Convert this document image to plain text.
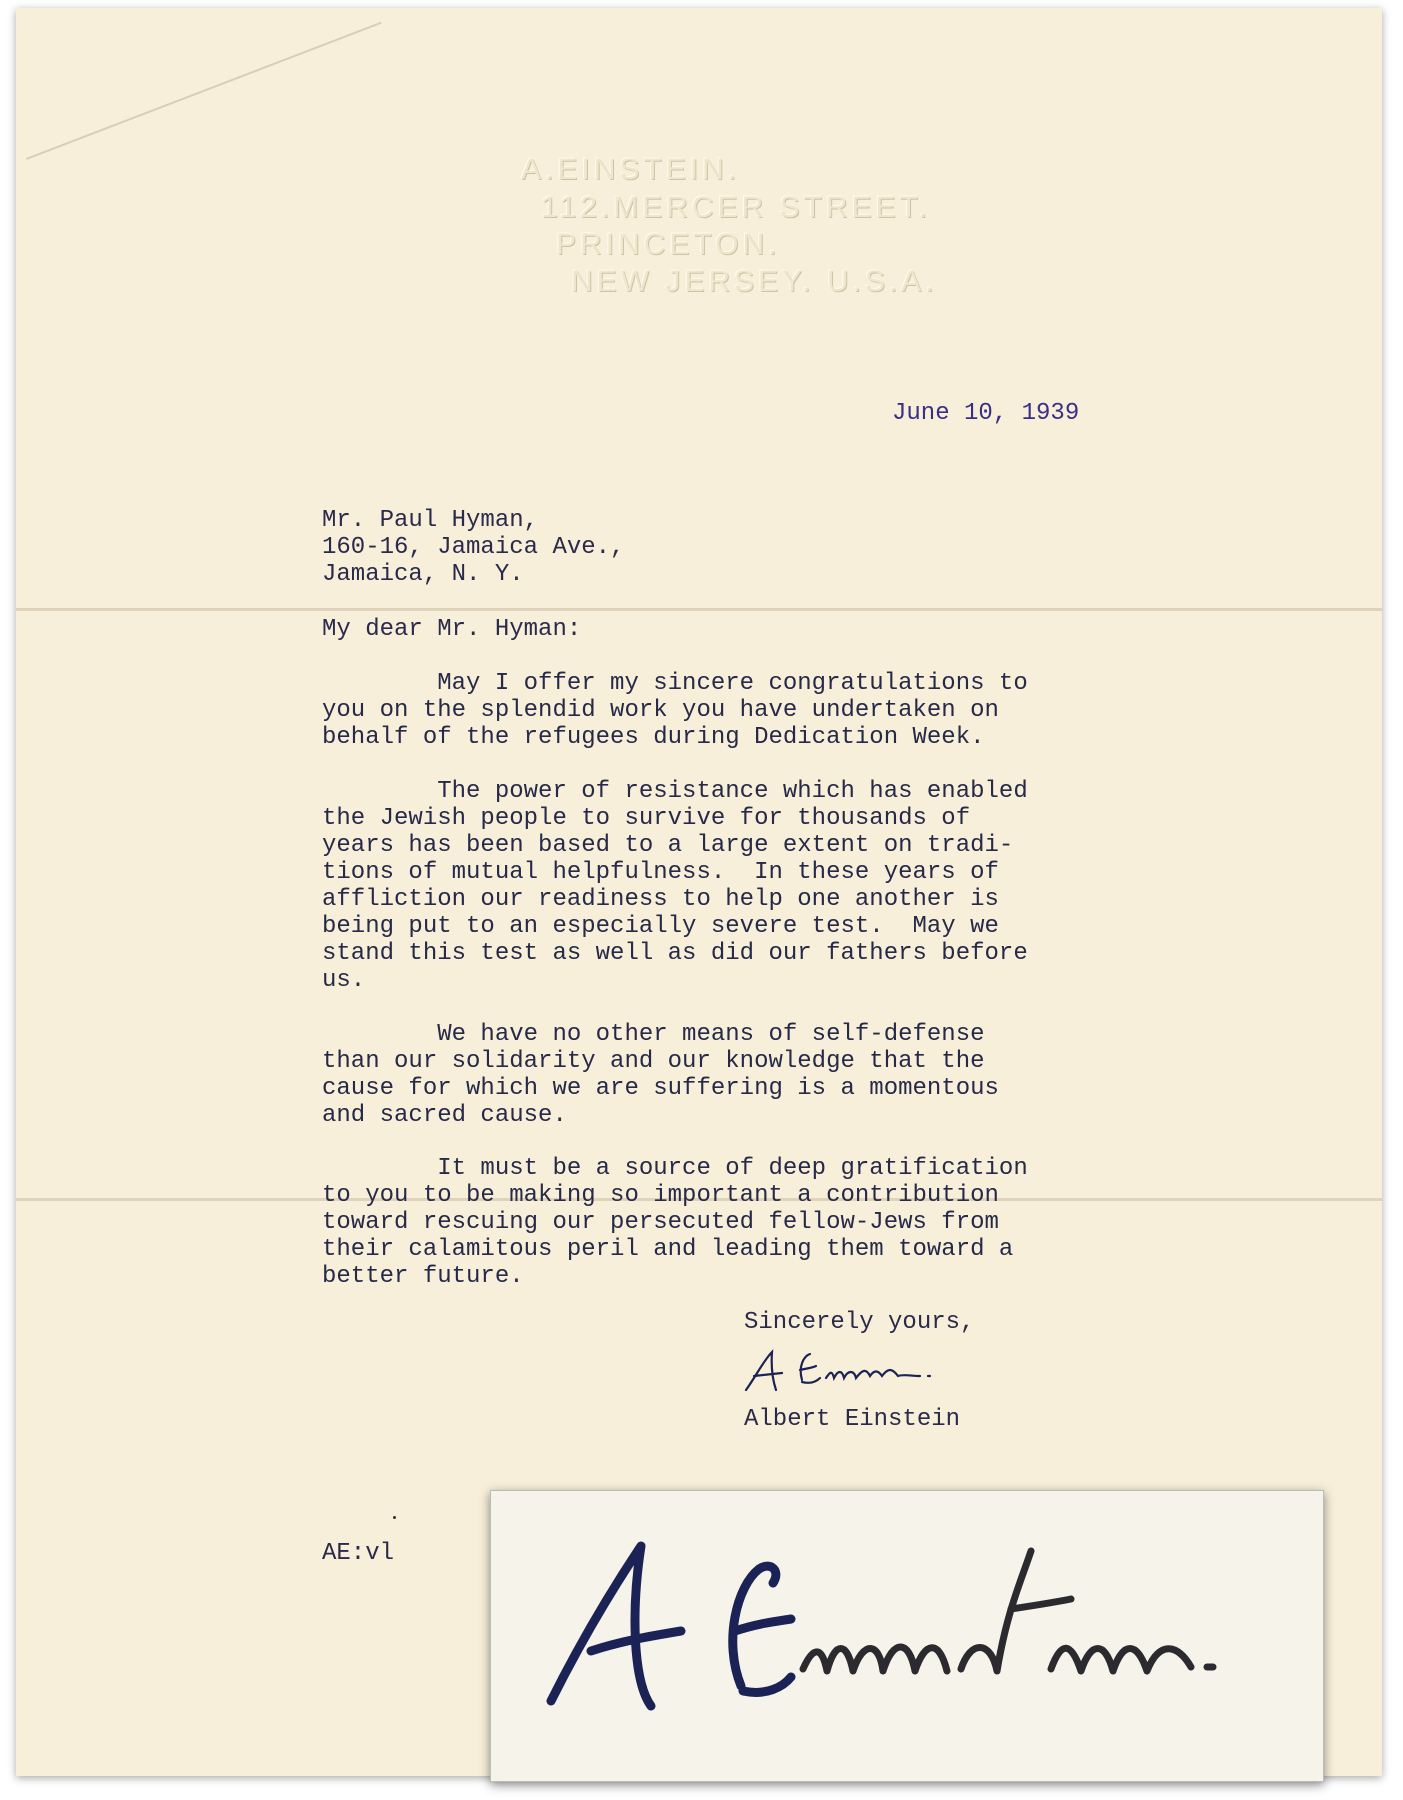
A.EINSTEIN.
112.MERCER STREET.
PRINCETON.
NEW JERSEY. U.S.A.
June 10, 1939
Mr. Paul Hyman,
160-16, Jamaica Ave.,
Jamaica, N. Y.
My dear Mr. Hyman:
May I offer my sincere congratulations to
you on the splendid work you have undertaken on
behalf of the refugees during Dedication Week.
The power of resistance which has enabled
the Jewish people to survive for thousands of
years has been based to a large extent on tradi-
tions of mutual helpfulness.  In these years of
affliction our readiness to help one another is
being put to an especially severe test.  May we
stand this test as well as did our fathers before
us.
We have no other means of self-defense
than our solidarity and our knowledge that the
cause for which we are suffering is a momentous
and sacred cause.
It must be a source of deep gratification
to you to be making so important a contribution
toward rescuing our persecuted fellow-Jews from
their calamitous peril and leading them toward a
better future.
Sincerely yours,
Albert Einstein
AE:vl
